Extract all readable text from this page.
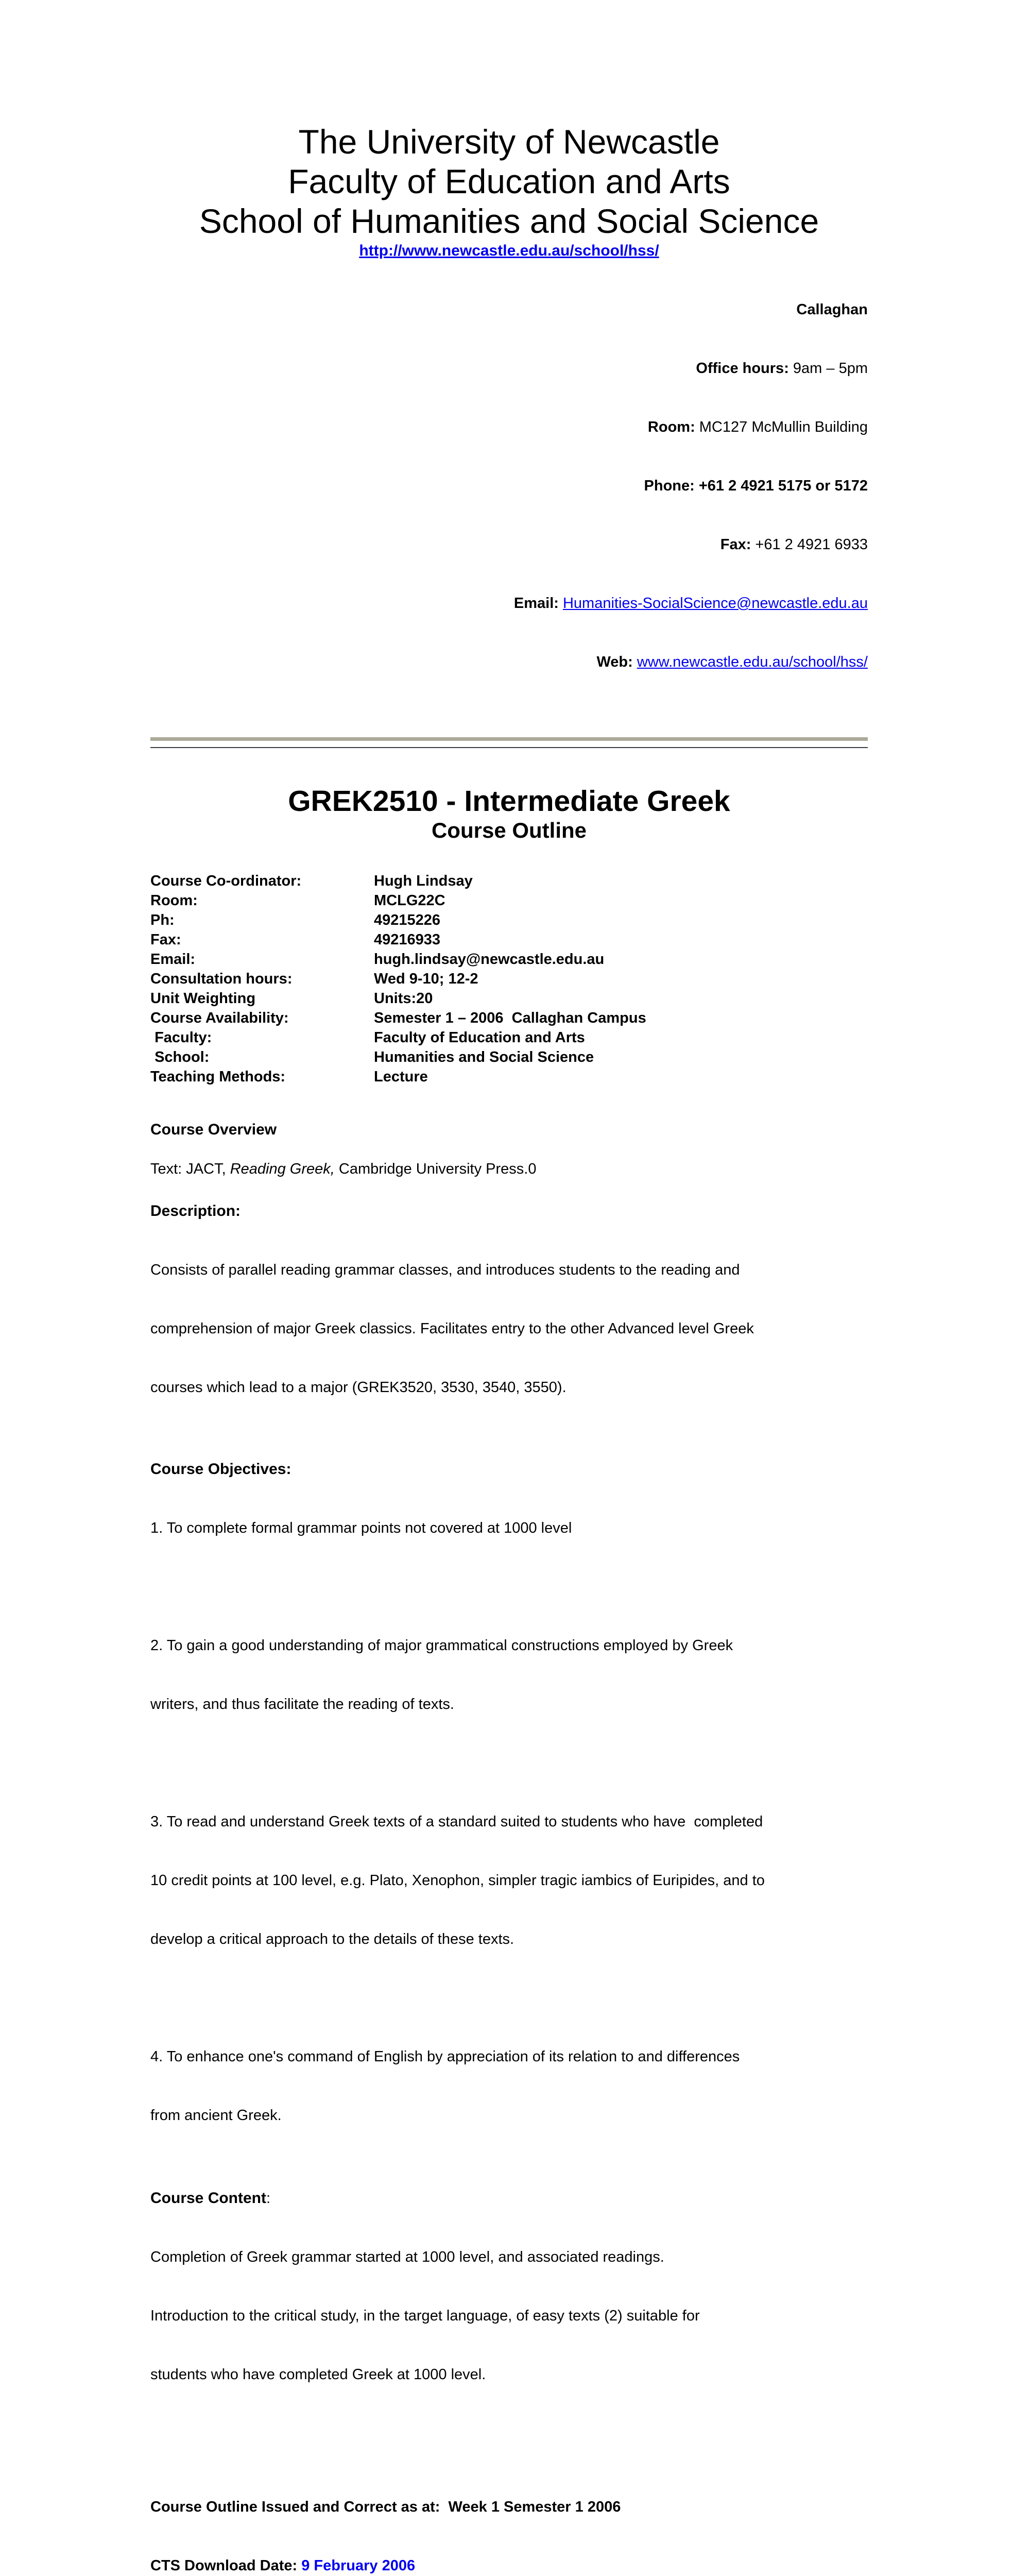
The University of Newcastle
Faculty of Education and Arts
School of Humanities and Social Science
http://www.newcastle.edu.au/school/hss/

Callaghan

Office hours: 9am – 5pm

Room: MC127 McMullin Building

Phone: +61 2 4921 5175 or 5172

Fax: +61 2 4921 6933

Email: Humanities-SocialScience@newcastle.edu.au

Web: www.newcastle.edu.au/school/hss/

GREK2510 - Intermediate Greek
Course Outline
Course Co-ordinator:	Hugh Lindsay
Room:	MCLG22C
Ph:	49215226
Fax:	49216933
Email:	hugh.lindsay@newcastle.edu.au
Consultation hours:	Wed 9-10; 12-2
Unit Weighting	Units:20
Course Availability:	Semester 1 – 2006  Callaghan Campus
Faculty:	Faculty of Education and Arts
School:	Humanities and Social Science
Teaching Methods:	Lecture
Course Overview
Text: JACT, Reading Greek, Cambridge University Press.0
Description:

Consists of parallel reading grammar classes, and introduces students to the reading and

comprehension of major Greek classics. Facilitates entry to the other Advanced level Greek

courses which lead to a major (GREK3520, 3530, 3540, 3550).

Course Objectives:

1. To complete formal grammar points not covered at 1000 level

2. To gain a good understanding of major grammatical constructions employed by Greek

writers, and thus facilitate the reading of texts.

3. To read and understand Greek texts of a standard suited to students who have  completed

10 credit points at 100 level, e.g. Plato, Xenophon, simpler tragic iambics of Euripides, and to

develop a critical approach to the details of these texts.

4. To enhance one's command of English by appreciation of its relation to and differences

from ancient Greek.

Course Content:

Completion of Greek grammar started at 1000 level, and associated readings.

Introduction to the critical study, in the target language, of easy texts (2) suitable for

students who have completed Greek at 1000 level.

Course Outline Issued and Correct as at:  Week 1 Semester 1 2006

CTS Download Date: 9 February 2006
